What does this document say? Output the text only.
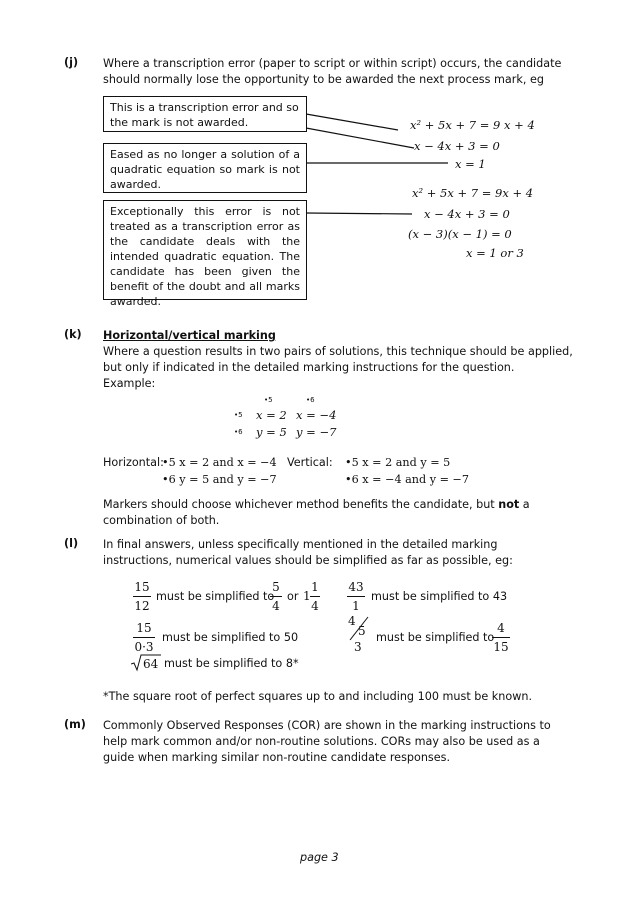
(j) Where a transcription error (paper to script or within script) occurs, the candidate should normally lose the opportunity to be awarded the next process mark, eg
This is a transcription error and so the mark is not awarded.
Eased as no longer a solution of a quadratic equation so mark is not awarded.
Exceptionally this error is not treated as a transcription error as the candidate deals with the intended quadratic equation. The candidate has been given the benefit of the doubt and all marks awarded.
x² + 5x + 7 = 9 x + 4
x − 4x + 3 = 0
x = 1
x² + 5x + 7 = 9x + 4
x − 4x + 3 = 0
(x − 3)(x − 1) = 0
x = 1 or 3
(k) Horizontal/vertical marking
Where a question results in two pairs of solutions, this technique should be applied, but only if indicated in the detailed marking instructions for the question.
Example:
•5	•6
•5 x = 2 x = −4
•6 y = 5 y = −7
Horizontal:
•5 x = 2 and x = −4
•6 y = 5 and y = −7
Vertical: •5 x = 2 and y = 5
•6 x = −4 and y = −7
Markers should choose whichever method benefits the candidate, but not a combination of both.
(l) In final answers, unless specifically mentioned in the detailed marking instructions, numerical values should be simplified as far as possible, eg:
15
12
must be simplified to
5
4
or 1
1
4
43
1
must be simplified to 43
15
0·3
must be simplified to 50
4
5
3
must be simplified to
4
15
64 must be simplified to 8*
*The square root of perfect squares up to and including 100 must be known.
(m) Commonly Observed Responses (COR) are shown in the marking instructions to help mark common and/or non-routine solutions. CORs may also be used as a guide when marking similar non-routine candidate responses.
page 3
